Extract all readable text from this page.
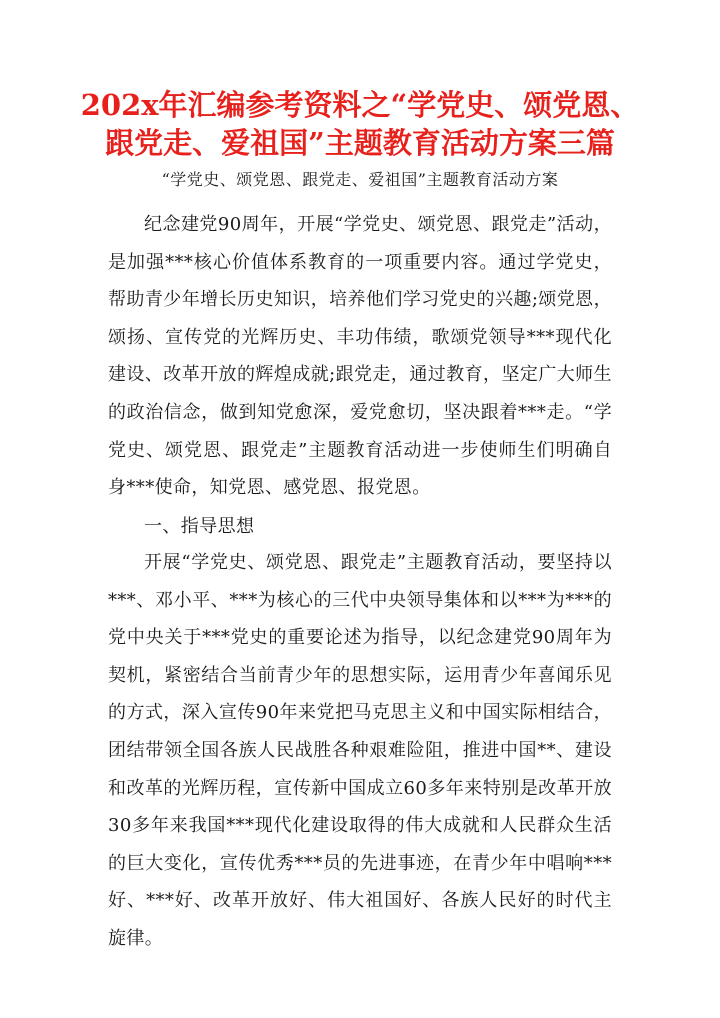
202x年汇编参考资料之“学党史、颂党恩、
跟党走、爱祖国”主题教育活动方案三篇
“学党史、颂党恩、跟党走、爱祖国”主题教育活动方案
纪念建党90周年，开展“学党史、颂党恩、跟党走”活动，是加强***核心价值体系教育的一项重要内容。通过学党史，帮助青少年增长历史知识，培养他们学习党史的兴趣;颂党恩，颂扬、宣传党的光辉历史、丰功伟绩，歌颂党领导***现代化建设、改革开放的辉煌成就;跟党走，通过教育，坚定广大师生的政治信念，做到知党愈深，爱党愈切，坚决跟着***走。“学党史、颂党恩、跟党走”主题教育活动进一步使师生们明确自身***使命，知党恩、感党恩、报党恩。
一、指导思想
开展“学党史、颂党恩、跟党走”主题教育活动，要坚持以***、邓小平、***为核心的三代中央领导集体和以***为***的党中央关于***党史的重要论述为指导，以纪念建党90周年为契机，紧密结合当前青少年的思想实际，运用青少年喜闻乐见的方式，深入宣传90年来党把马克思主义和中国实际相结合，团结带领全国各族人民战胜各种艰难险阻，推进中国**、建设和改革的光辉历程，宣传新中国成立60多年来特别是改革开放30多年来我国***现代化建设取得的伟大成就和人民群众生活的巨大变化，宣传优秀***员的先进事迹，在青少年中唱响***好、***好、改革开放好、伟大祖国好、各族人民好的时代主旋律。
